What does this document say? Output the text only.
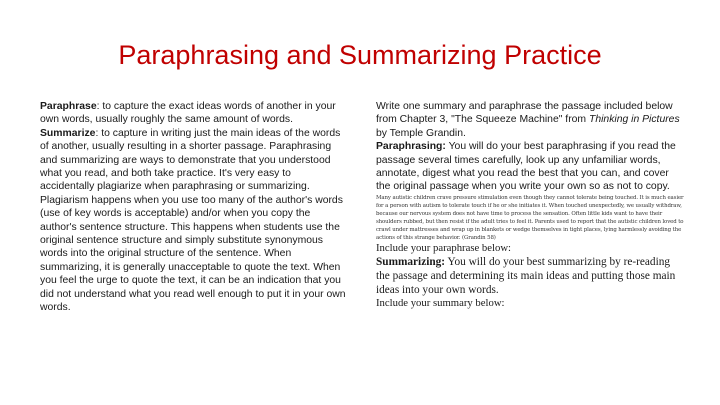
Paraphrasing and Summarizing Practice

Paraphrase: to capture the exact ideas words of another in your own words, usually roughly the same amount of words. Summarize: to capture in writing just the main ideas of the words of another, usually resulting in a shorter passage. Paraphrasing and summarizing are ways to demonstrate that you understood what you read, and both take practice. It's very easy to accidentally plagiarize when paraphrasing or summarizing. Plagiarism happens when you use too many of the author's words (use of key words is acceptable) and/or when you copy the author's sentence structure. This happens when students use the original sentence structure and simply substitute synonymous words into the original structure of the sentence. When summarizing, it is generally unacceptable to quote the text. When you feel the urge to quote the text, it can be an indication that you did not understand what you read well enough to put it in your own words.

Write one summary and paraphrase the passage included below from Chapter 3, "The Squeeze Machine" from Thinking in Pictures by Temple Grandin.

Paraphrasing: You will do your best paraphrasing if you read the passage several times carefully, look up any unfamiliar words, annotate, digest what you read the best that you can, and cover the original passage when you write your own so as not to copy.

Many autistic children crave pressure stimulation even though they cannot tolerate being touched. It is much easier for a person with autism to tolerate touch if he or she initiates it. When touched unexpectedly, we usually withdraw, because our nervous system does not have time to process the sensation. Often little kids want to have their shoulders rubbed, but then resist if the adult tries to feel it. Parents used to report that the autistic children loved to crawl under mattresses and wrap up in blankets or wedge themselves in tight places, lying harmlessly avoiding the actions of this strange behavior. (Grandin 58)

Include your paraphrase below:

Summarizing: You will do your best summarizing by re-reading the passage and determining its main ideas and putting those main ideas into your own words.

Include your summary below:
